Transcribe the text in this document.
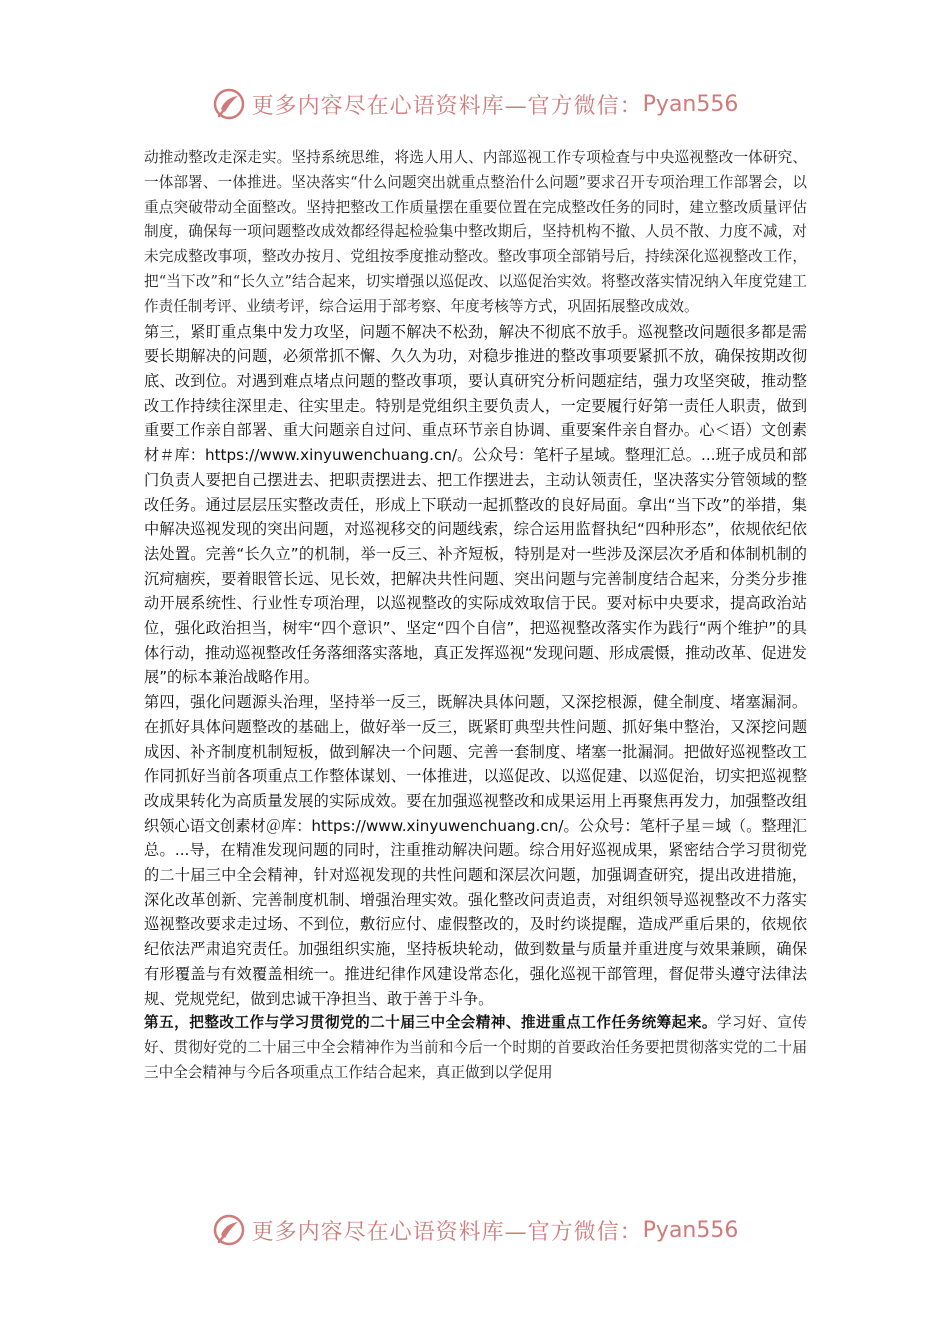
更多内容尽在心语资料库—官方微信： Pyan556

动推动整改走深走实。坚持系统思维，将选人用人、内部巡视工作专项检查与中央巡视整改一体研究、一体部署、一体推进。坚决落实“什么问题突出就重点整治什么问题”要求召开专项治理工作部署会，以重点突破带动全面整改。坚持把整改工作质量摆在重要位置在完成整改任务的同时，建立整改质量评估制度，确保每一项问题整改成效都经得起检验集中整改期后，坚持机构不撤、人员不散、力度不减，对未完成整改事项，整改办按月、党组按季度推动整改。整改事项全部销号后，持续深化巡视整改工作，把“当下改”和“长久立”结合起来，切实增强以巡促改、以巡促治实效。将整改落实情况纳入年度党建工作责任制考评、业绩考评，综合运用于部考察、年度考核等方式，巩固拓展整改成效。

第三，紧盯重点集中发力攻坚，问题不解决不松劲，解决不彻底不放手。巡视整改问题很多都是需要长期解决的问题，必须常抓不懈、久久为功，对稳步推进的整改事项要紧抓不放，确保按期改彻底、改到位。对遇到难点堵点问题的整改事项，要认真研究分析问题症结，强力攻坚突破，推动整改工作持续往深里走、往实里走。特别是党组织主要负责人，一定要履行好第一责任人职责，做到重要工作亲自部署、重大问题亲自过问、重点环节亲自协调、重要案件亲自督办。心＜语）文创素材＃库：https://www.xinyuwenchuang.cn/。公众号：笔杆子星域。整理汇总。...班子成员和部门负责人要把自己摆进去、把职责摆进去、把工作摆进去，主动认领责任，坚决落实分管领域的整改任务。通过层层压实整改责任，形成上下联动一起抓整改的良好局面。拿出“当下改”的举措，集中解决巡视发现的突出问题，对巡视移交的问题线索，综合运用监督执纪“四种形态”，依规依纪依法处置。完善“长久立”的机制，举一反三、补齐短板，特别是对一些涉及深层次矛盾和体制机制的沉疴痼疾，要着眼管长远、见长效，把解决共性问题、突出问题与完善制度结合起来，分类分步推动开展系统性、行业性专项治理，以巡视整改的实际成效取信于民。要对标中央要求，提高政治站位，强化政治担当，树牢“四个意识”、坚定“四个自信”，把巡视整改落实作为践行“两个维护”的具体行动，推动巡视整改任务落细落实落地，真正发挥巡视“发现问题、形成震慑，推动改革、促进发展”的标本兼治战略作用。

第四，强化问题源头治理，坚持举一反三，既解决具体问题，又深挖根源，健全制度、堵塞漏洞。在抓好具体问题整改的基础上，做好举一反三，既紧盯典型共性问题、抓好集中整治，又深挖问题成因、补齐制度机制短板，做到解决一个问题、完善一套制度、堵塞一批漏洞。把做好巡视整改工作同抓好当前各项重点工作整体谋划、一体推进，以巡促改、以巡促建、以巡促治，切实把巡视整改成果转化为高质量发展的实际成效。要在加强巡视整改和成果运用上再聚焦再发力，加强整改组织领心语文创素材＠库：https://www.xinyuwenchuang.cn/。公众号：笔杆子星＝域（。整理汇总。...导，在精准发现问题的同时，注重推动解决问题。综合用好巡视成果，紧密结合学习贯彻党的二十届三中全会精神，针对巡视发现的共性问题和深层次问题，加强调查研究，提出改进措施，深化改革创新、完善制度机制、增强治理实效。强化整改问责追责，对组织领导巡视整改不力落实巡视整改要求走过场、不到位，敷衍应付、虚假整改的，及时约谈提醒，造成严重后果的，依规依纪依法严肃追究责任。加强组织实施，坚持板块轮动，做到数量与质量并重进度与效果兼顾，确保有形覆盖与有效覆盖相统一。推进纪律作风建设常态化，强化巡视干部管理，督促带头遵守法律法规、党规党纪，做到忠诚干净担当、敢于善于斗争。

第五，把整改工作与学习贯彻党的二十届三中全会精神、推进重点工作任务统筹起来。学习好、宣传好、贯彻好党的二十届三中全会精神作为当前和今后一个时期的首要政治任务要把贯彻落实党的二十届三中全会精神与今后各项重点工作结合起来，真正做到以学促用

更多内容尽在心语资料库—官方微信： Pyan556
